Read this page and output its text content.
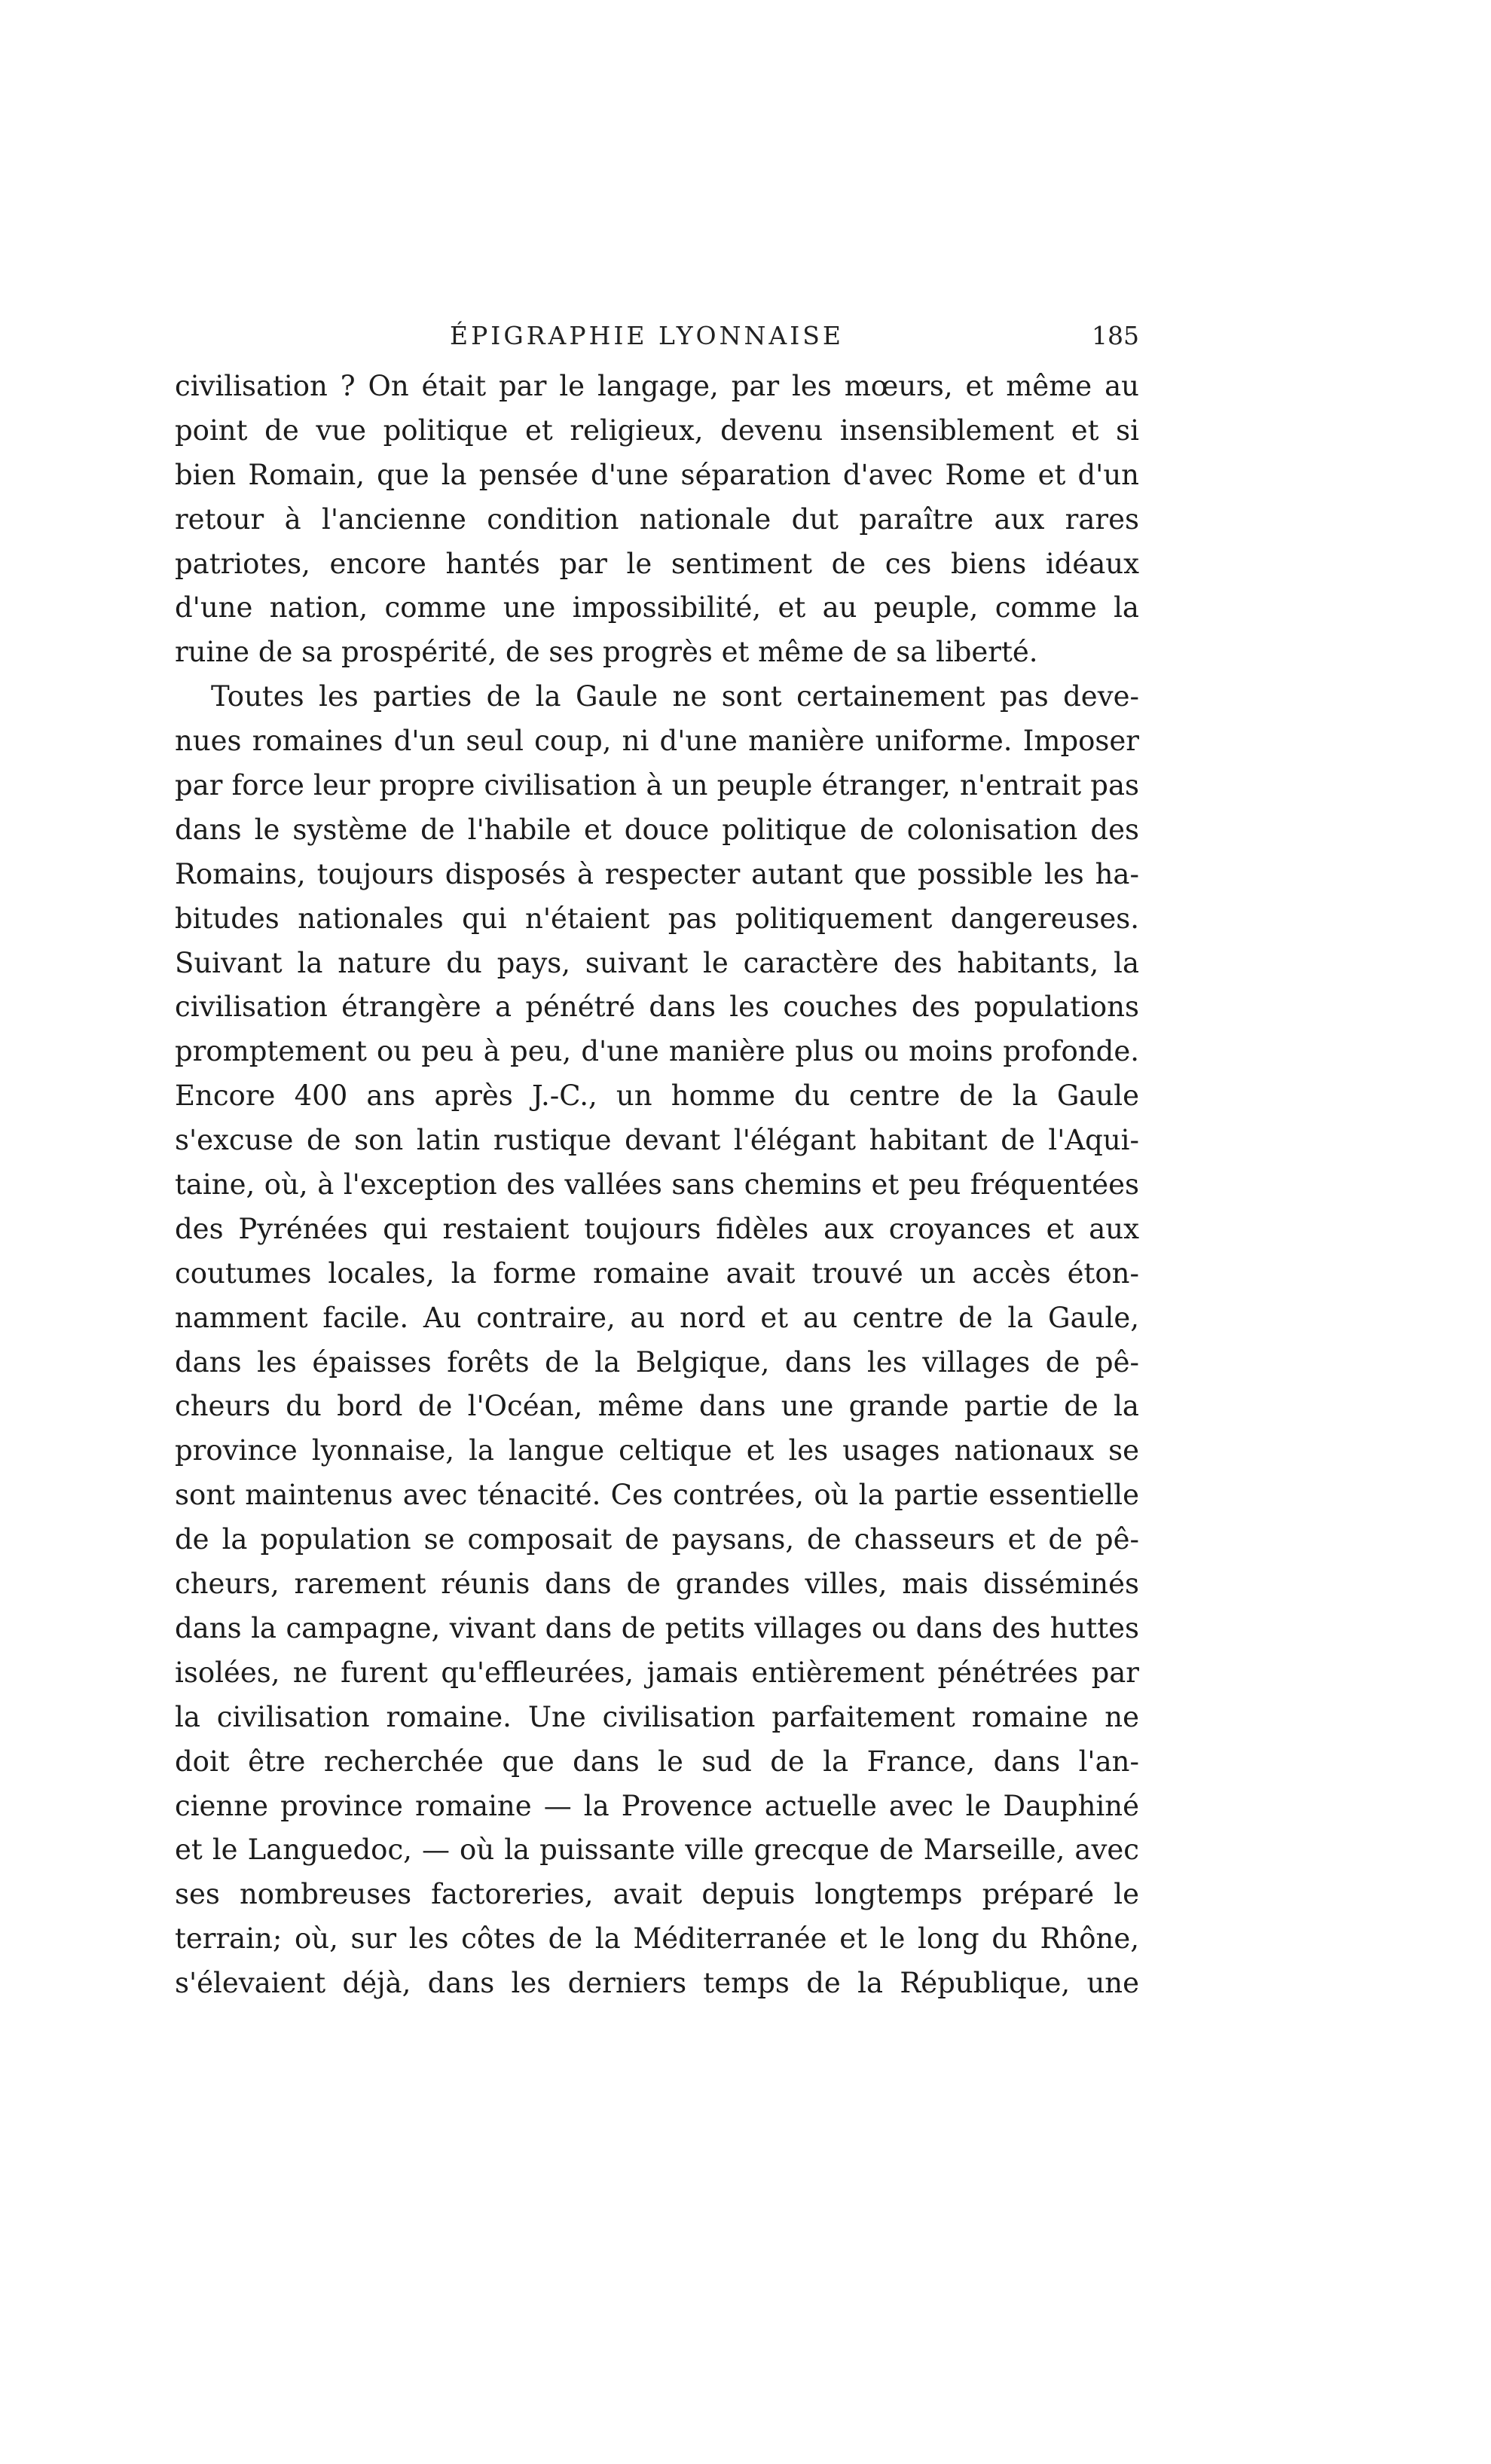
ÉPIGRAPHIE LYONNAISE	185
civilisation ? On était par le langage, par les mœurs, et même au
point de vue politique et religieux, devenu insensiblement et si
bien Romain, que la pensée d'une séparation d'avec Rome et d'un
retour à l'ancienne condition nationale dut paraître aux rares
patriotes, encore hantés par le sentiment de ces biens idéaux
d'une nation, comme une impossibilité, et au peuple, comme la
ruine de sa prospérité, de ses progrès et même de sa liberté.
Toutes les parties de la Gaule ne sont certainement pas deve-
nues romaines d'un seul coup, ni d'une manière uniforme. Imposer
par force leur propre civilisation à un peuple étranger, n'entrait pas
dans le système de l'habile et douce politique de colonisation des
Romains, toujours disposés à respecter autant que possible les ha-
bitudes nationales qui n'étaient pas politiquement dangereuses.
Suivant la nature du pays, suivant le caractère des habitants, la
civilisation étrangère a pénétré dans les couches des populations
promptement ou peu à peu, d'une manière plus ou moins profonde.
Encore 400 ans après J.-C., un homme du centre de la Gaule
s'excuse de son latin rustique devant l'élégant habitant de l'Aqui-
taine, où, à l'exception des vallées sans chemins et peu fréquentées
des Pyrénées qui restaient toujours fidèles aux croyances et aux
coutumes locales, la forme romaine avait trouvé un accès éton-
namment facile. Au contraire, au nord et au centre de la Gaule,
dans les épaisses forêts de la Belgique, dans les villages de pê-
cheurs du bord de l'Océan, même dans une grande partie de la
province lyonnaise, la langue celtique et les usages nationaux se
sont maintenus avec ténacité. Ces contrées, où la partie essentielle
de la population se composait de paysans, de chasseurs et de pê-
cheurs, rarement réunis dans de grandes villes, mais disséminés
dans la campagne, vivant dans de petits villages ou dans des huttes
isolées, ne furent qu'effleurées, jamais entièrement pénétrées par
la civilisation romaine. Une civilisation parfaitement romaine ne
doit être recherchée que dans le sud de la France, dans l'an-
cienne province romaine — la Provence actuelle avec le Dauphiné
et le Languedoc, — où la puissante ville grecque de Marseille, avec
ses nombreuses factoreries, avait depuis longtemps préparé le
terrain; où, sur les côtes de la Méditerranée et le long du Rhône,
s'élevaient déjà, dans les derniers temps de la République, une
